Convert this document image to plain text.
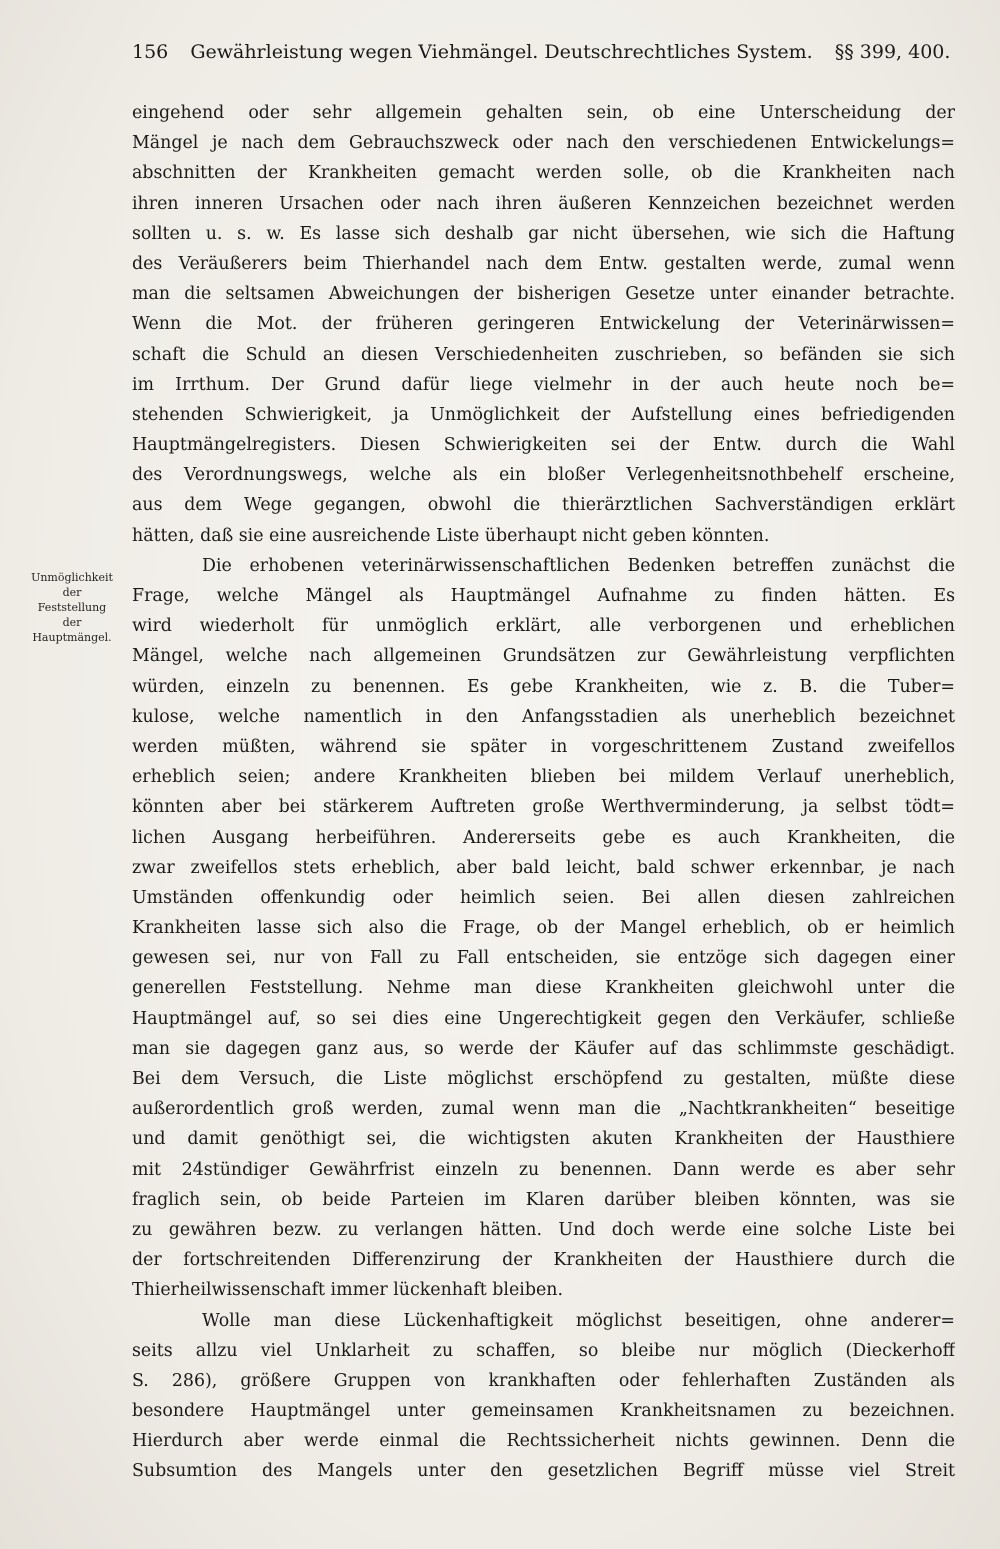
156 Gewährleistung wegen Viehmängel. Deutschrechtliches System. §§ 399, 400.
Unmöglichkeit
der
Feststellung
der
Hauptmängel.
eingehend oder sehr allgemein gehalten sein, ob eine Unterscheidung der
Mängel je nach dem Gebrauchszweck oder nach den verschiedenen Entwickelungs=
abschnitten der Krankheiten gemacht werden solle, ob die Krankheiten nach
ihren inneren Ursachen oder nach ihren äußeren Kennzeichen bezeichnet werden
sollten u. s. w. Es lasse sich deshalb gar nicht übersehen, wie sich die Haftung
des Veräußerers beim Thierhandel nach dem Entw. gestalten werde, zumal wenn
man die seltsamen Abweichungen der bisherigen Gesetze unter einander betrachte.
Wenn die Mot. der früheren geringeren Entwickelung der Veterinärwissen=
schaft die Schuld an diesen Verschiedenheiten zuschrieben, so befänden sie sich
im Irrthum. Der Grund dafür liege vielmehr in der auch heute noch be=
stehenden Schwierigkeit, ja Unmöglichkeit der Aufstellung eines befriedigenden
Hauptmängelregisters. Diesen Schwierigkeiten sei der Entw. durch die Wahl
des Verordnungswegs, welche als ein bloßer Verlegenheitsnothbehelf erscheine,
aus dem Wege gegangen, obwohl die thierärztlichen Sachverständigen erklärt
hätten, daß sie eine ausreichende Liste überhaupt nicht geben könnten.
Die erhobenen veterinärwissenschaftlichen Bedenken betreffen zunächst die
Frage, welche Mängel als Hauptmängel Aufnahme zu finden hätten. Es
wird wiederholt für unmöglich erklärt, alle verborgenen und erheblichen
Mängel, welche nach allgemeinen Grundsätzen zur Gewährleistung verpflichten
würden, einzeln zu benennen. Es gebe Krankheiten, wie z. B. die Tuber=
kulose, welche namentlich in den Anfangsstadien als unerheblich bezeichnet
werden müßten, während sie später in vorgeschrittenem Zustand zweifellos
erheblich seien; andere Krankheiten blieben bei mildem Verlauf unerheblich,
könnten aber bei stärkerem Auftreten große Werthverminderung, ja selbst tödt=
lichen Ausgang herbeiführen. Andererseits gebe es auch Krankheiten, die
zwar zweifellos stets erheblich, aber bald leicht, bald schwer erkennbar, je nach
Umständen offenkundig oder heimlich seien. Bei allen diesen zahlreichen
Krankheiten lasse sich also die Frage, ob der Mangel erheblich, ob er heimlich
gewesen sei, nur von Fall zu Fall entscheiden, sie entzöge sich dagegen einer
generellen Feststellung. Nehme man diese Krankheiten gleichwohl unter die
Hauptmängel auf, so sei dies eine Ungerechtigkeit gegen den Verkäufer, schließe
man sie dagegen ganz aus, so werde der Käufer auf das schlimmste geschädigt.
Bei dem Versuch, die Liste möglichst erschöpfend zu gestalten, müßte diese
außerordentlich groß werden, zumal wenn man die „Nachtkrankheiten“ beseitige
und damit genöthigt sei, die wichtigsten akuten Krankheiten der Hausthiere
mit 24stündiger Gewährfrist einzeln zu benennen. Dann werde es aber sehr
fraglich sein, ob beide Parteien im Klaren darüber bleiben könnten, was sie
zu gewähren bezw. zu verlangen hätten. Und doch werde eine solche Liste bei
der fortschreitenden Differenzirung der Krankheiten der Hausthiere durch die
Thierheilwissenschaft immer lückenhaft bleiben.
Wolle man diese Lückenhaftigkeit möglichst beseitigen, ohne anderer=
seits allzu viel Unklarheit zu schaffen, so bleibe nur möglich (Dieckerhoff
S. 286), größere Gruppen von krankhaften oder fehlerhaften Zuständen als
besondere Hauptmängel unter gemeinsamen Krankheitsnamen zu bezeichnen.
Hierdurch aber werde einmal die Rechtssicherheit nichts gewinnen. Denn die
Subsumtion des Mangels unter den gesetzlichen Begriff müsse viel Streit
